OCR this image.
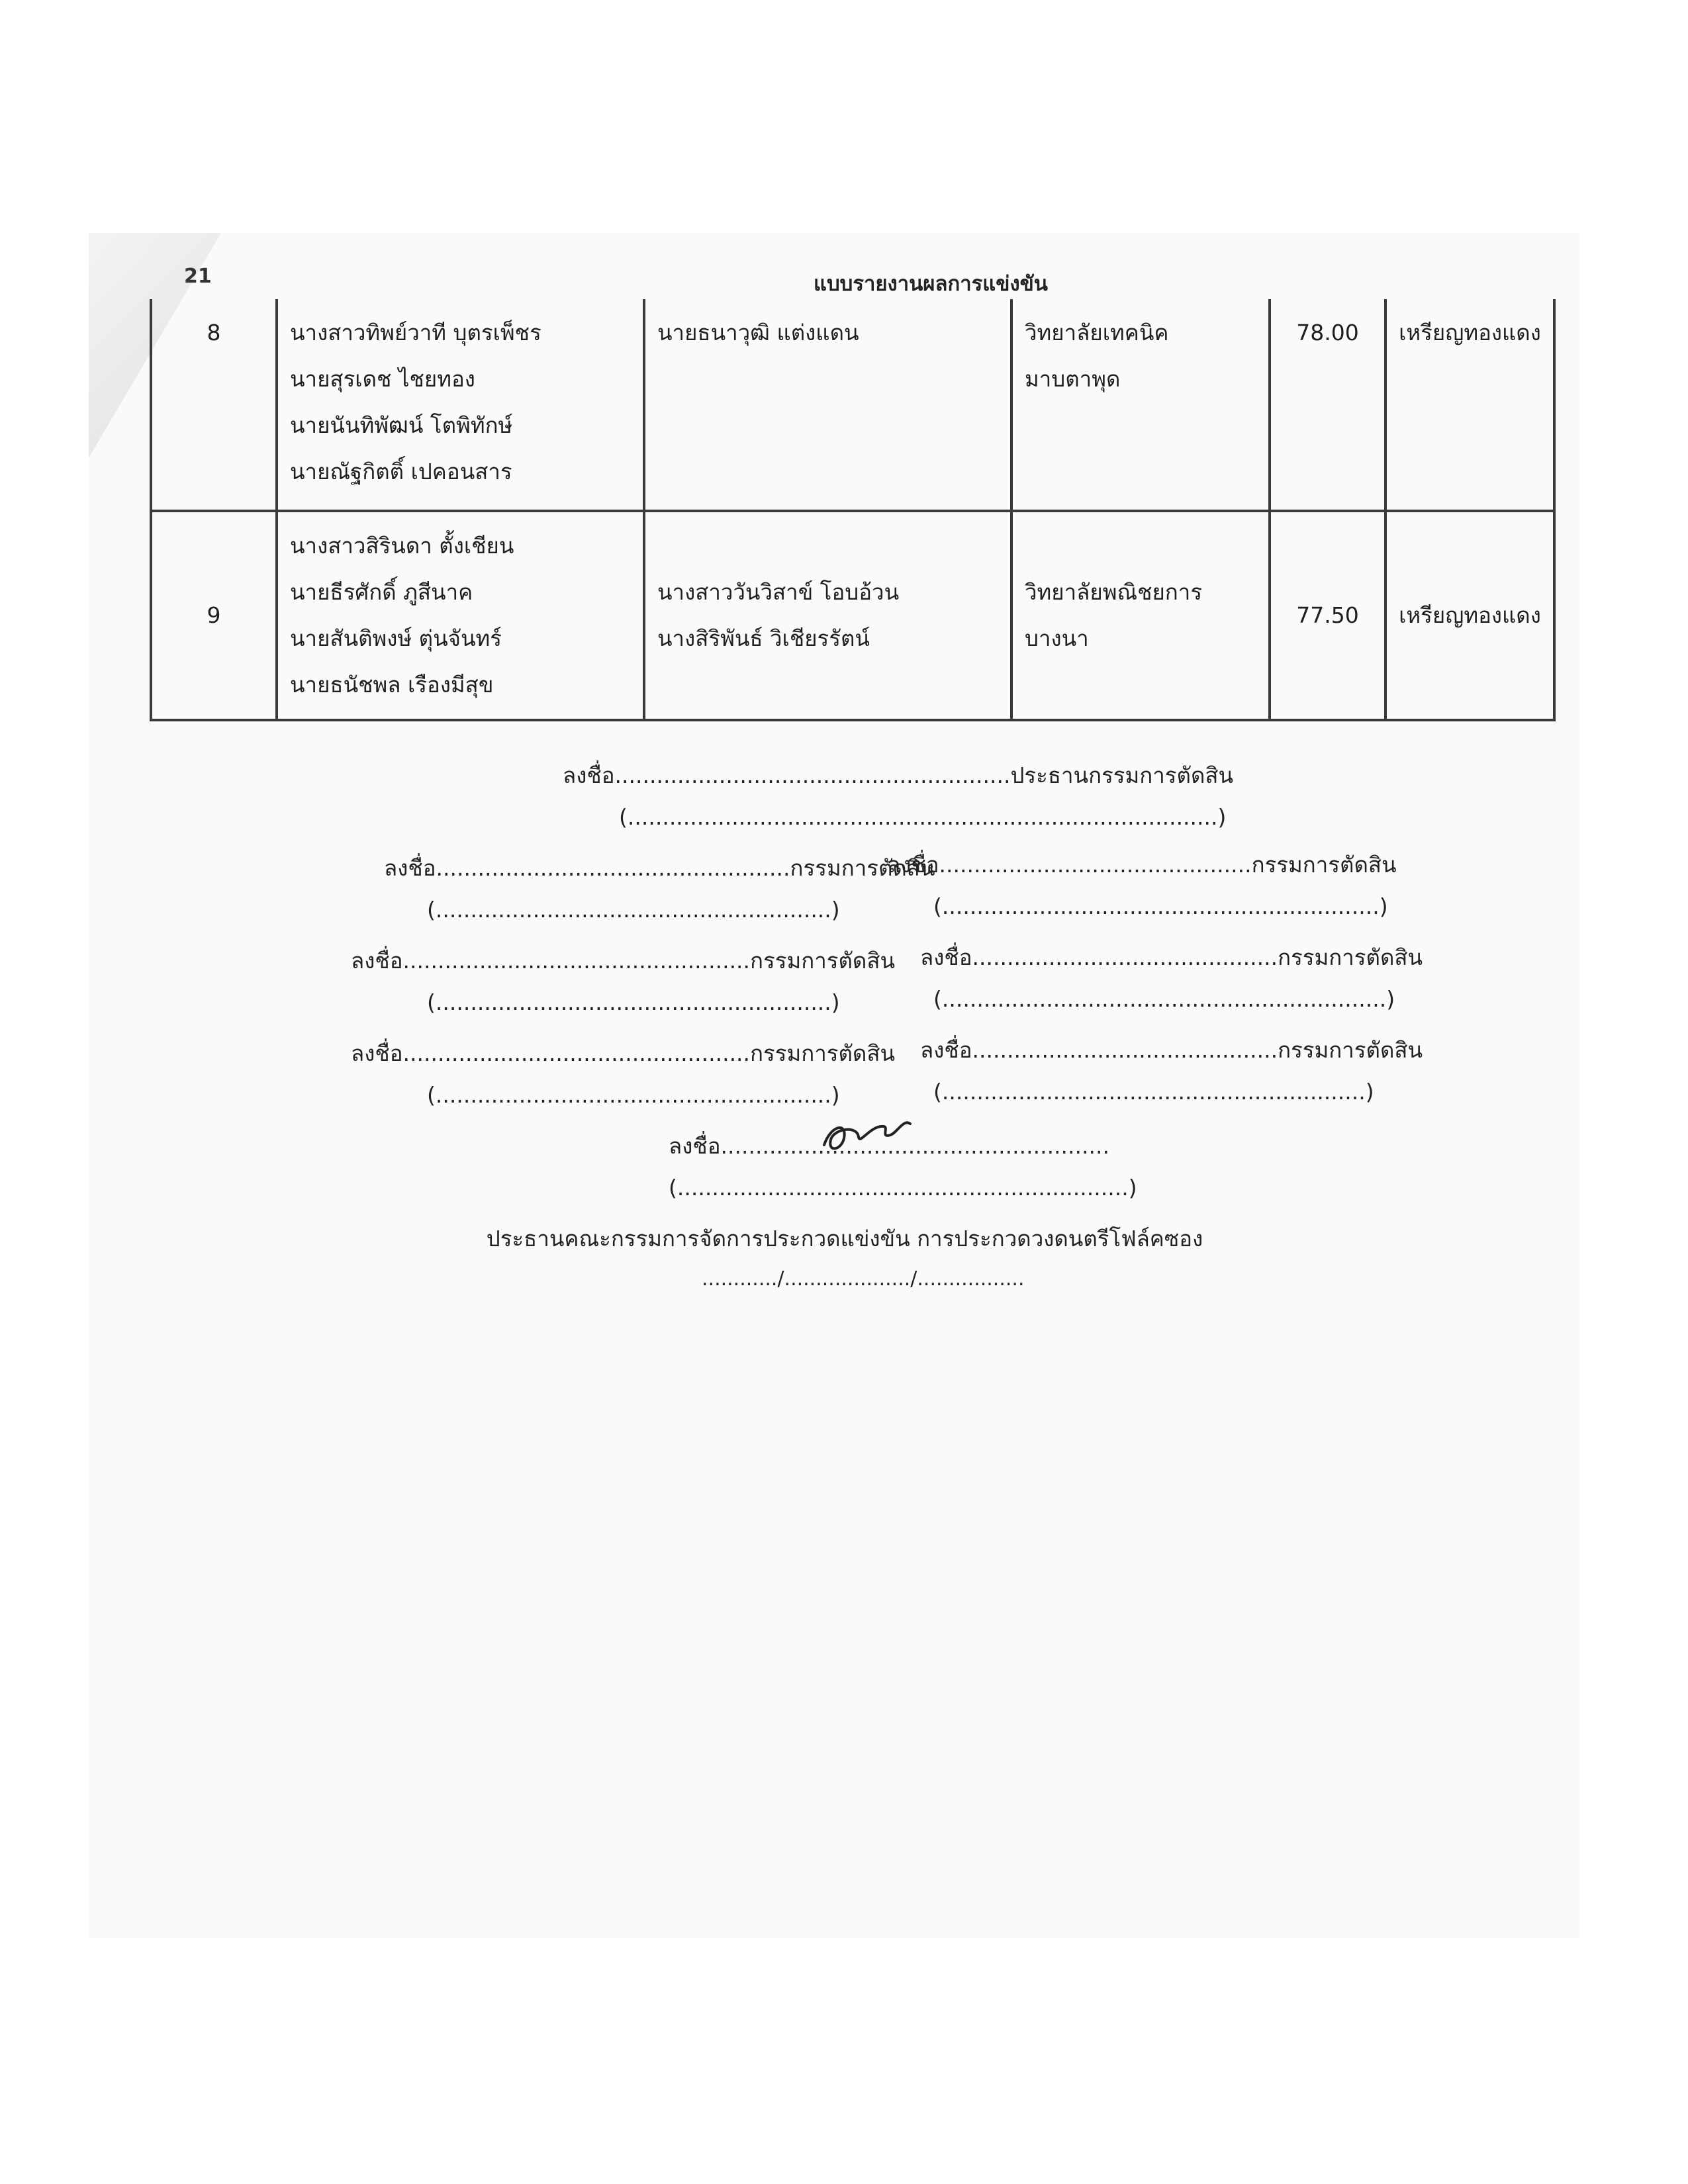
21	แบบรายงานผลการแข่งขัน
8	นางสาวทิพย์วาที บุตรเพ็ชร
นายสุรเดช ไชยทอง
นายนันทิพัฒน์ โตพิทักษ์
นายณัฐกิตติ์ เปคอนสาร	นายธนาวุฒิ แต่งแดน	วิทยาลัยเทคนิคมาบตาพุด	78.00	เหรียญทองแดง
9	นางสาวสิรินดา ตั้งเชียน
นายธีรศักดิ์ ภูสีนาค
นายสันติพงษ์ ตุ่นจันทร์
นายธนัชพล เรืองมีสุข	นางสาววันวิสาข์ โอบอ้วน
นางสิริพันธ์ วิเชียรรัตน์	วิทยาลัยพณิชยการบางนา	77.50	เหรียญทองแดง
ลงชื่อ.........................................................ประธานกรรมการตัดสิน
(.....................................................................................)
ลงชื่อ...................................................กรรมการตัดสิน
ลงชื่อ.............................................กรรมการตัดสิน
(.........................................................)	(...............................................................)
ลงชื่อ..................................................กรรมการตัดสิน ลงชื่อ............................................กรรมการตัดสิน
(.........................................................)	(................................................................)
ลงชื่อ..................................................กรรมการตัดสิน ลงชื่อ............................................กรรมการตัดสิน
(.........................................................)	(.............................................................)
ลงชื่อ........................................................
(.................................................................)
ประธานคณะกรรมการจัดการประกวดแข่งขัน การประกวดวงดนตรีโฟล์คซอง
............/..................../.................
